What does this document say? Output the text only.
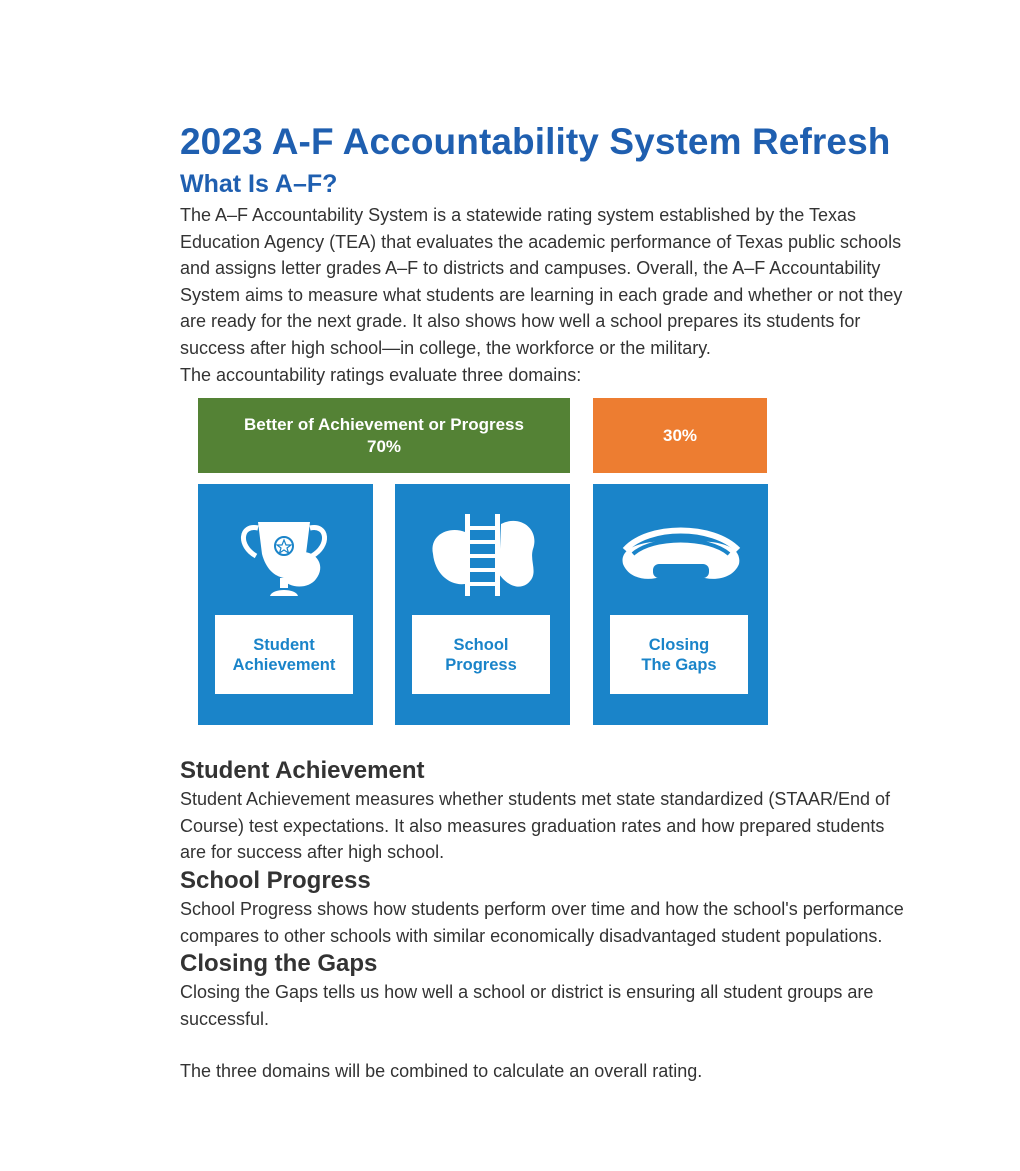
2023 A-F Accountability System Refresh
What Is A–F?

The A–F Accountability System is a statewide rating system established by the Texas Education Agency (TEA) that evaluates the academic performance of Texas public schools and assigns letter grades A–F to districts and campuses. Overall, the A–F Accountability System aims to measure what students are learning in each grade and whether or not they are ready for the next grade. It also shows how well a school prepares its students for success after high school—in college, the workforce or the military.

The accountability ratings evaluate three domains:

Better of Achievement or Progress
70%
30%
Student
Achievement
School
Progress
Closing
The Gaps
Student Achievement

Student Achievement measures whether students met state standardized (STAAR/End of Course) test expectations. It also measures graduation rates and how prepared students are for success after high school.

School Progress

School Progress shows how students perform over time and how the school's performance compares to other schools with similar economically disadvantaged student populations.

Closing the Gaps

Closing the Gaps tells us how well a school or district is ensuring all student groups are successful.

The three domains will be combined to calculate an overall rating.
